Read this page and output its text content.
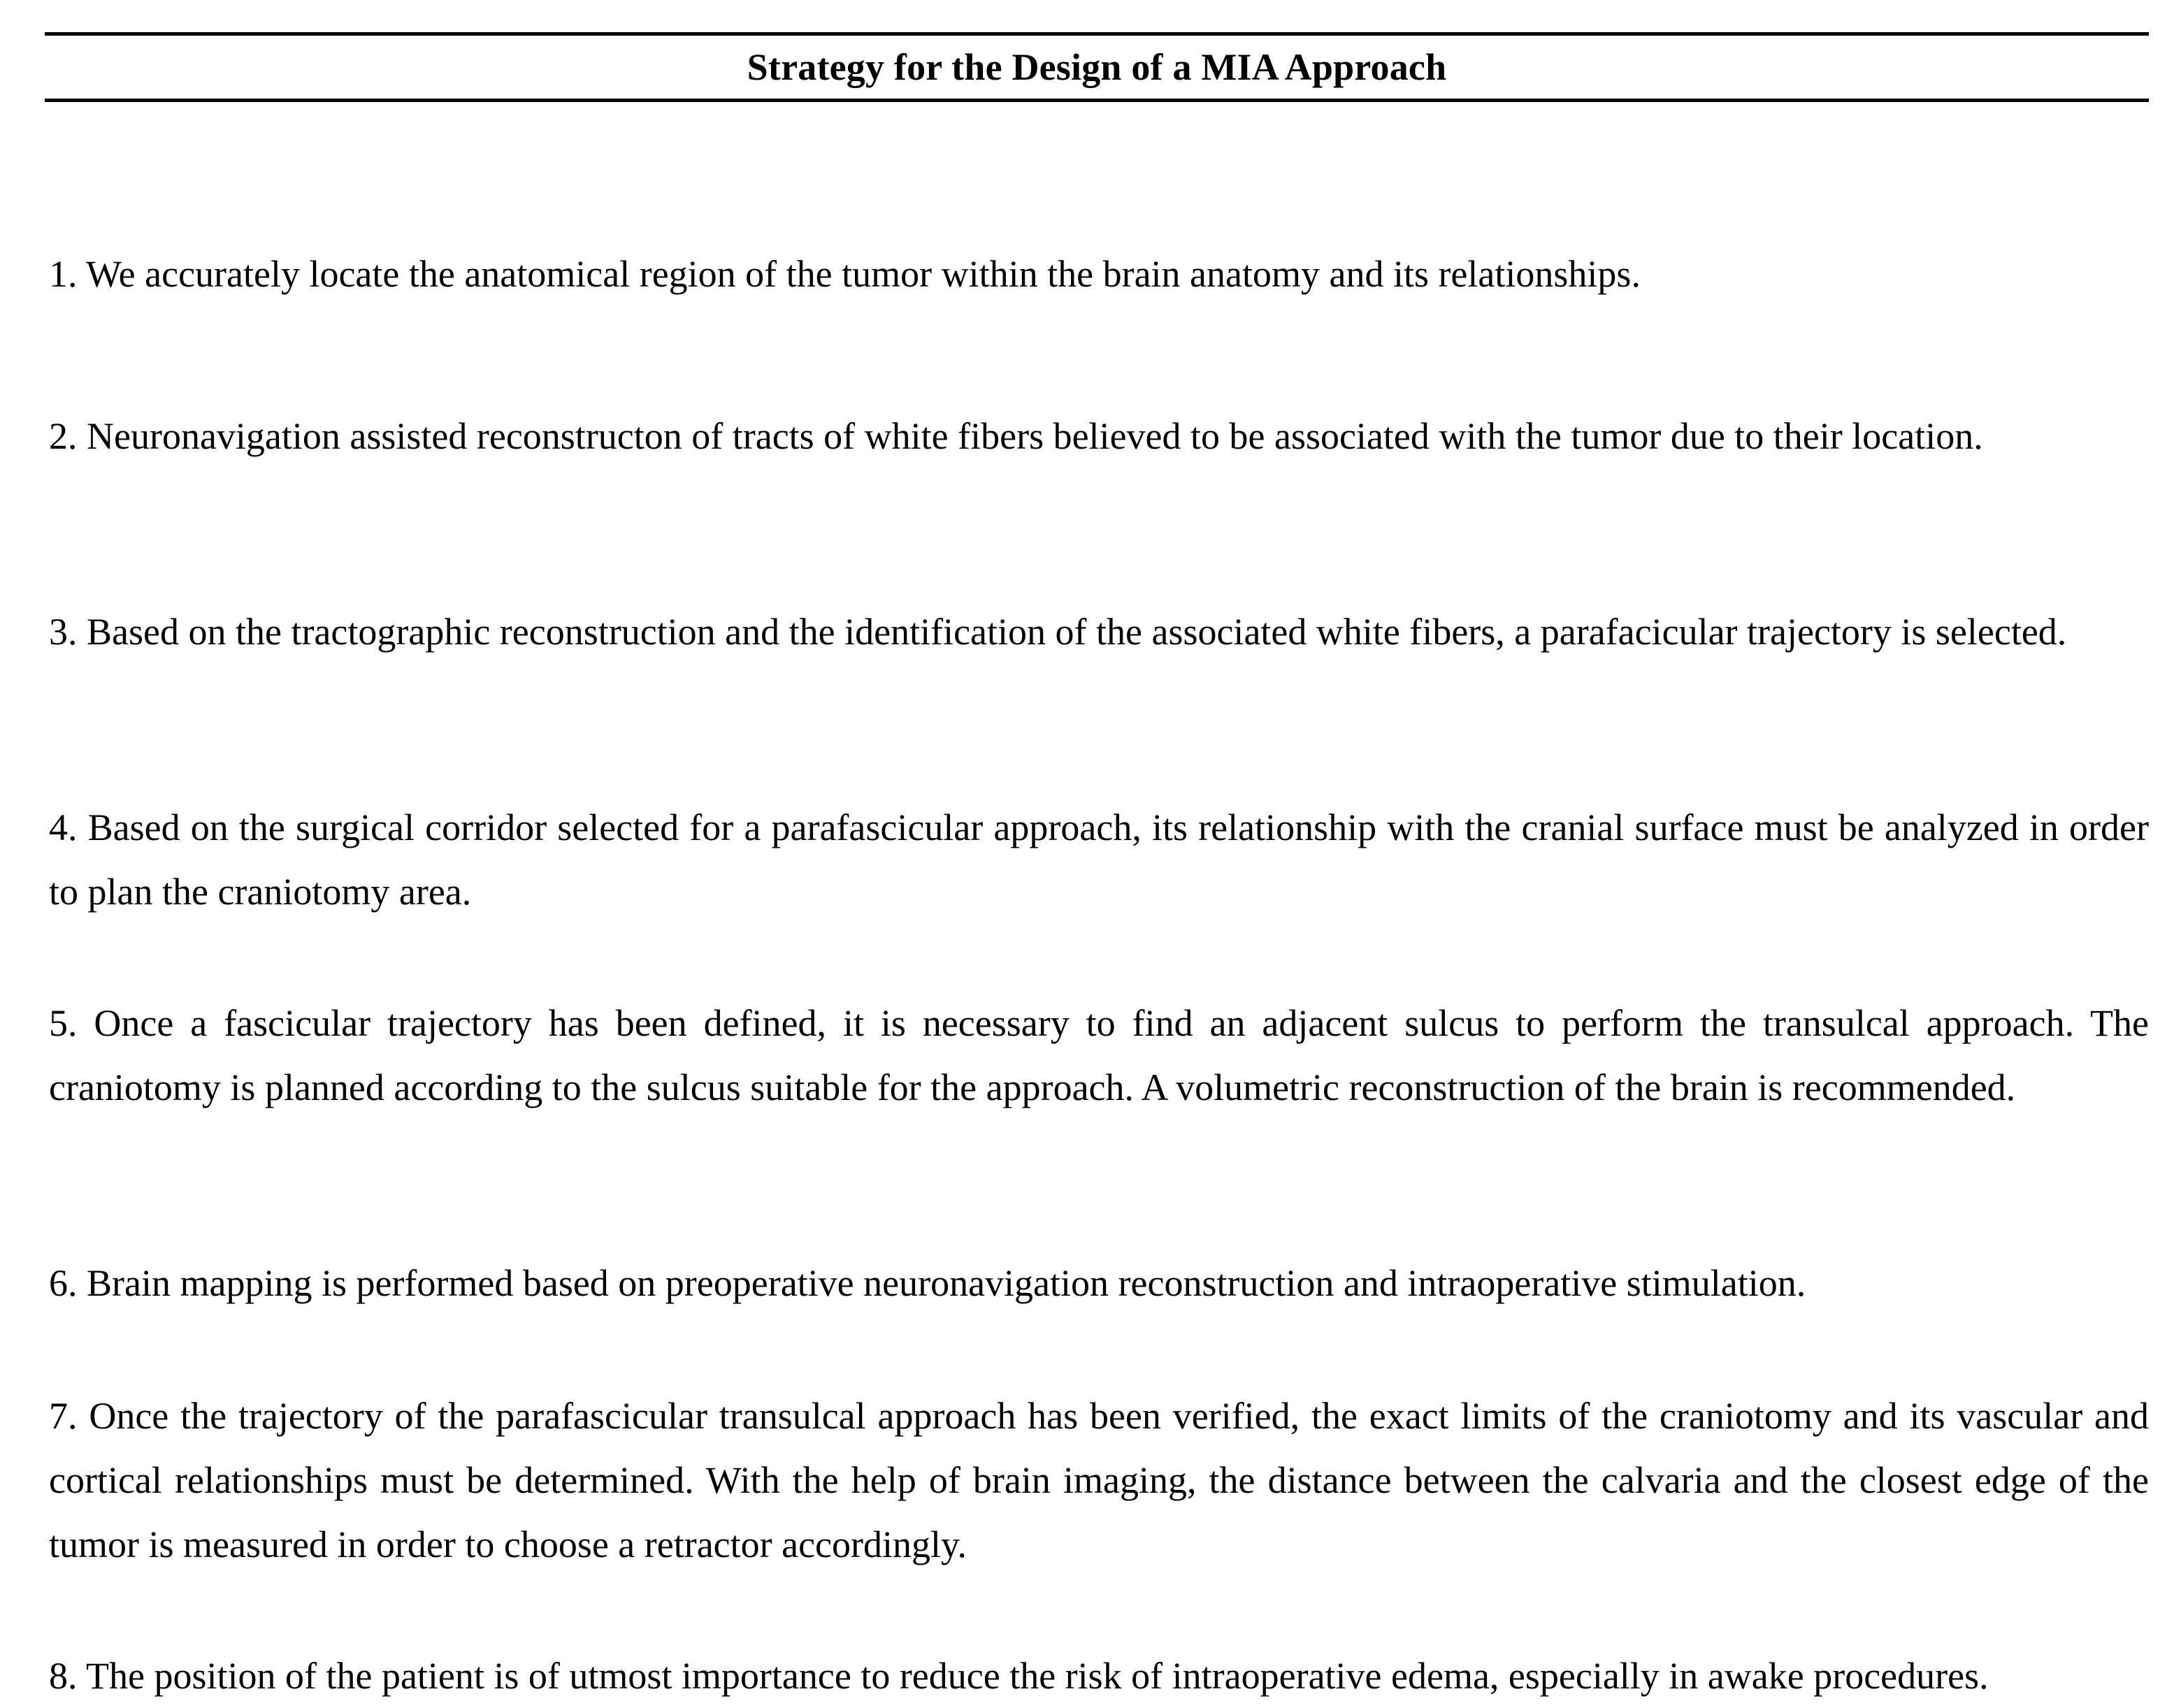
Strategy for the Design of a MIA Approach

1. We accurately locate the anatomical region of the tumor within the brain anatomy and its relationships.

2. Neuronavigation assisted reconstructon of tracts of white fibers believed to be associated with the tumor due to their location.

3. Based on the tractographic reconstruction and the identification of the associated white fibers, a parafacicular trajectory is selected.

4. Based on the surgical corridor selected for a parafascicular approach, its relationship with the cranial surface must be analyzed in order to plan the craniotomy area.

5. Once a fascicular trajectory has been defined, it is necessary to find an adjacent sulcus to perform the transulcal approach. The craniotomy is planned according to the sulcus suitable for the approach. A volumetric reconstruction of the brain is recommended.

6. Brain mapping is performed based on preoperative neuronavigation reconstruction and intraoperative stimulation.

7. Once the trajectory of the parafascicular transulcal approach has been verified, the exact limits of the craniotomy and its vascular and cortical relationships must be determined. With the help of brain imaging, the distance between the calvaria and the closest edge of the tumor is measured in order to choose a retractor accordingly.

8. The position of the patient is of utmost importance to reduce the risk of intraoperative edema, especially in awake procedures.
